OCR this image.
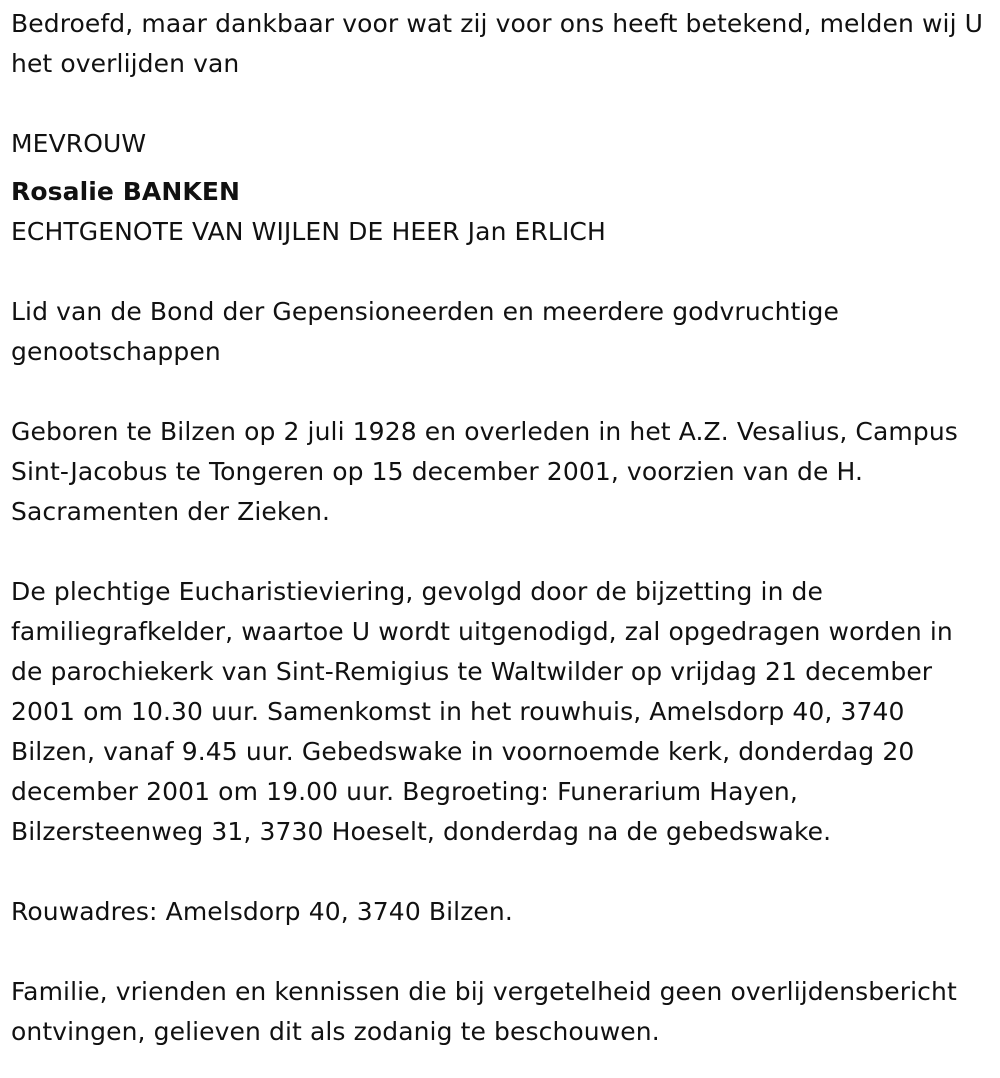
Bedroefd, maar dankbaar voor wat zij voor ons heeft betekend, melden wij U het overlijden van

MEVROUW

Rosalie BANKEN

ECHTGENOTE VAN WIJLEN DE HEER Jan ERLICH

Lid van de Bond der Gepensioneerden en meerdere godvruchtige genootschappen

Geboren te Bilzen op 2 juli 1928 en overleden in het A.Z. Vesalius, Campus Sint-Jacobus te Tongeren op 15 december 2001, voorzien van de H. Sacramenten der Zieken.

De plechtige Eucharistieviering, gevolgd door de bijzetting in de familiegrafkelder, waartoe U wordt uitgenodigd, zal opgedragen worden in de parochiekerk van Sint-Remigius te Waltwilder op vrijdag 21 december 2001 om 10.30 uur. Samenkomst in het rouwhuis, Amelsdorp 40, 3740 Bilzen, vanaf 9.45 uur. Gebedswake in voornoemde kerk, donderdag 20 december 2001 om 19.00 uur. Begroeting: Funerarium Hayen, Bilzersteenweg 31, 3730 Hoeselt, donderdag na de gebedswake.

Rouwadres: Amelsdorp 40, 3740 Bilzen.

Familie, vrienden en kennissen die bij vergetelheid geen overlijdensbericht ontvingen, gelieven dit als zodanig te beschouwen.
